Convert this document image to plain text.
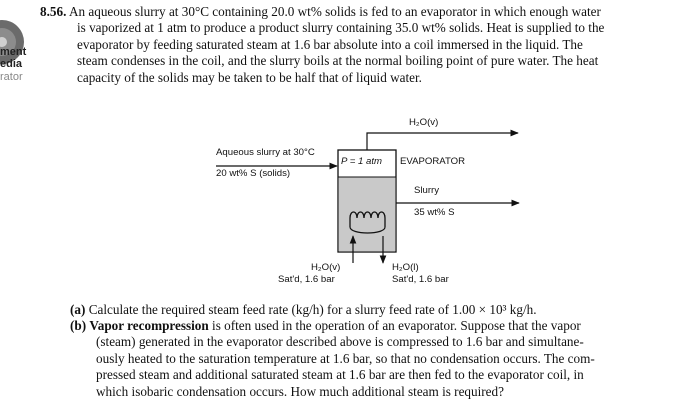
ment
edia
rator
8.56. An aqueous slurry at 30°C containing 20.0 wt% solids is fed to an evaporator in which enough water
is vaporized at 1 atm to produce a product slurry containing 35.0 wt% solids. Heat is supplied to the
evaporator by feeding saturated steam at 1.6 bar absolute into a coil immersed in the liquid. The
steam condenses in the coil, and the slurry boils at the normal boiling point of pure water. The heat
capacity of the solids may be taken to be half that of liquid water.
H₂O(v)
Aqueous slurry at 30°C
20 wt% S (solids)
P = 1 atm EVAPORATOR
Slurry
35 wt% S
H₂O(v)
Sat'd, 1.6 bar
H₂O(l)
Sat'd, 1.6 bar
(a) Calculate the required steam feed rate (kg/h) for a slurry feed rate of 1.00 × 10³ kg/h.
(b) Vapor recompression is often used in the operation of an evaporator. Suppose that the vapor
(steam) generated in the evaporator described above is compressed to 1.6 bar and simultane-
ously heated to the saturation temperature at 1.6 bar, so that no condensation occurs. The com-
pressed steam and additional saturated steam at 1.6 bar are then fed to the evaporator coil, in
which isobaric condensation occurs. How much additional steam is required?
